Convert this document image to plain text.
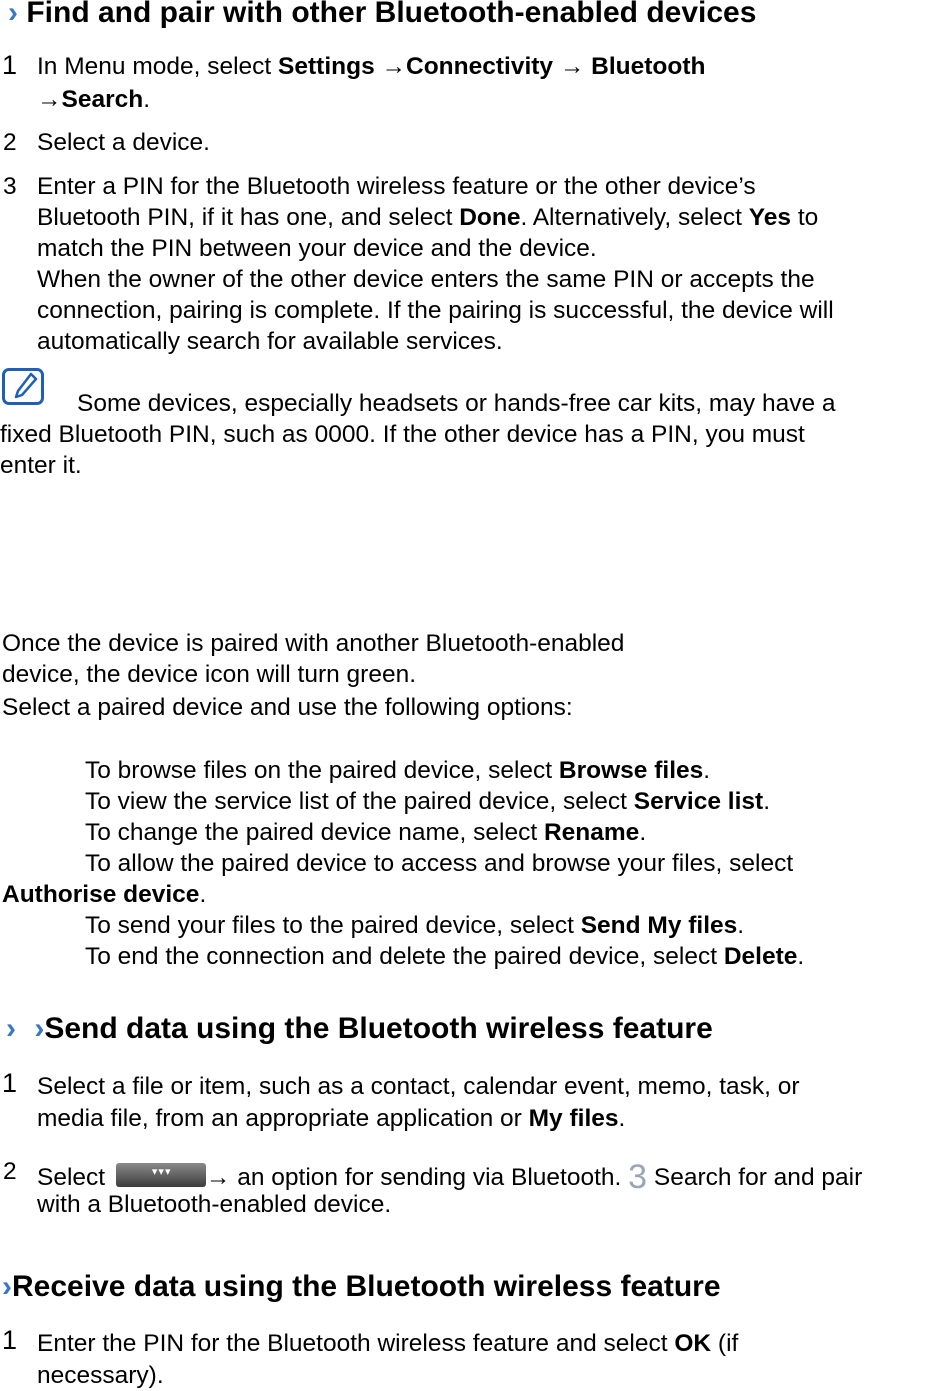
› Find and pair with other Bluetooth-enabled devices
1 In Menu mode, select Settings →Connectivity → Bluetooth
→Search.
2 Select a device.
3 Enter a PIN for the Bluetooth wireless feature or the other device’s
Bluetooth PIN, if it has one, and select Done. Alternatively, select Yes to
match the PIN between your device and the device.
When the owner of the other device enters the same PIN or accepts the
connection, pairing is complete. If the pairing is successful, the device will
automatically search for available services.
Some devices, especially headsets or hands-free car kits, may have a
fixed Bluetooth PIN, such as 0000. If the other device has a PIN, you must
enter it.
Once the device is paired with another Bluetooth-enabled
device, the device icon will turn green.
Select a paired device and use the following options:
To browse files on the paired device, select Browse files.
To view the service list of the paired device, select Service list.
To change the paired device name, select Rename.
To allow the paired device to access and browse your files, select
Authorise device.
To send your files to the paired device, select Send My files.
To end the connection and delete the paired device, select Delete.
› ›Send data using the Bluetooth wireless feature
1 Select a file or item, such as a contact, calendar event, memo, task, or
media file, from an appropriate application or My files.
2 Select	▾▾▾ → an option for sending via Bluetooth. 3 Search for and pair
with a Bluetooth-enabled device.
›Receive data using the Bluetooth wireless feature
1 Enter the PIN for the Bluetooth wireless feature and select OK (if
necessary).
